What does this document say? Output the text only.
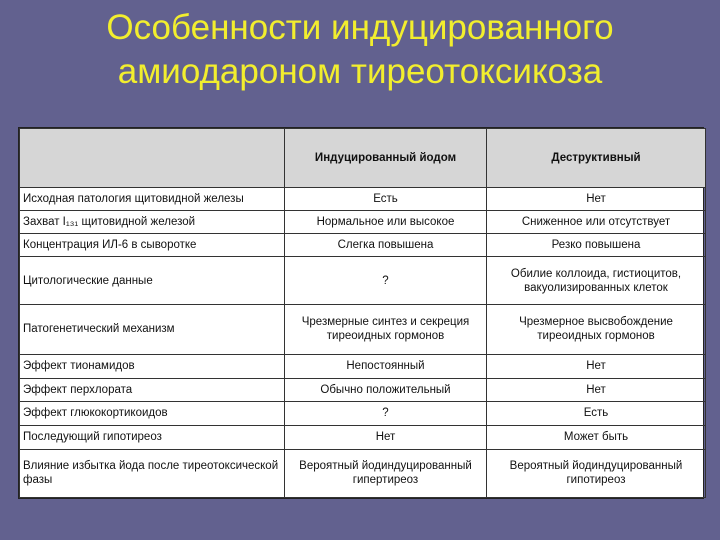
Особенности индуцированного
амиодароном тиреотоксикоза
	Индуцированный йодом	Деструктивный
Исходная патология щитовидной железы	Есть	Нет
Захват I₁₃₁ щитовидной железой	Нормальное или высокое	Сниженное или отсутствует
Концентрация ИЛ-6 в сыворотке	Слегка повышена	Резко повышена
Цитологические данные	?	Обилие коллоида, гистиоцитов, вакуолизированных клеток
Патогенетический механизм	Чрезмерные синтез и секреция тиреоидных гормонов	Чрезмерное высвобождение тиреоидных гормонов
Эффект тионамидов	Непостоянный	Нет
Эффект перхлората	Обычно положительный	Нет
Эффект глюкокортикоидов	?	Есть
Последующий гипотиреоз	Нет	Может быть
Влияние избытка йода после тиреотоксической фазы	Вероятный йодиндуцированный гипертиреоз	Вероятный йодиндуцированный гипотиреоз
